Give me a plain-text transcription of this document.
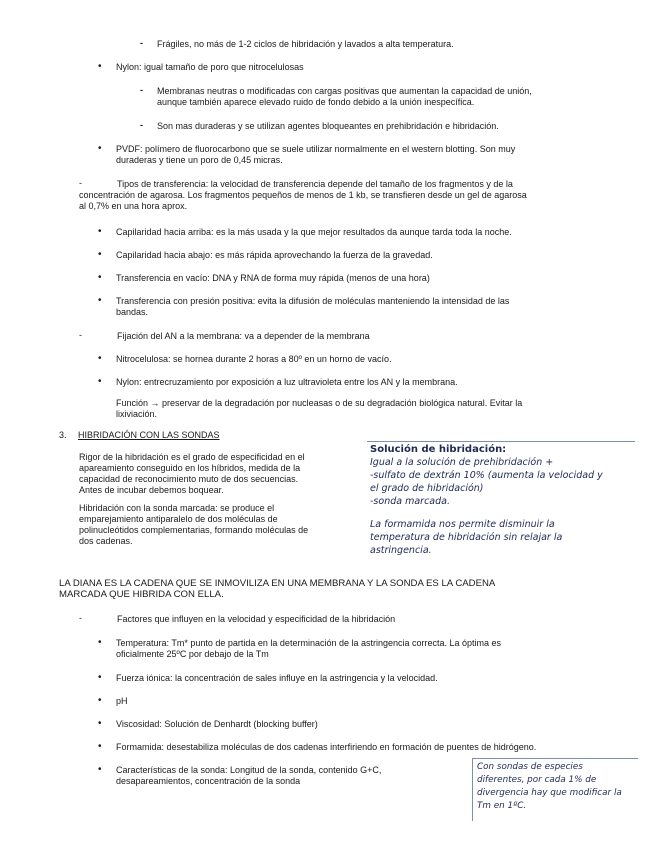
- Frágiles, no más de 1-2 ciclos de hibridación y lavados a alta temperatura.
• Nylon: igual tamaño de poro que nitrocelulosas
- Membranas neutras o modificadas con cargas positivas que aumentan la capacidad de unión,
aunque también aparece elevado ruido de fondo debido a la unión inespecífica.
- Son mas duraderas y se utilizan agentes bloqueantes en prehibridación e hibridación.
• PVDF: polímero de fluorocarbono que se suele utilizar normalmente en el western blotting. Son muy
duraderas y tiene un poro de 0,45 micras.
-	Tipos de transferencia: la velocidad de transferencia depende del tamaño de los fragmentos y de la
concentración de agarosa. Los fragmentos pequeños de menos de 1 kb, se transfieren desde un gel de agarosa
al 0,7% en una hora aprox.
• Capilaridad hacia arriba: es la más usada y la que mejor resultados da aunque tarda toda la noche.
• Capilaridad hacia abajo: es más rápida aprovechando la fuerza de la gravedad.
• Transferencia en vacío: DNA y RNA de forma muy rápida (menos de una hora)
• Transferencia con presión positiva: evita la difusión de moléculas manteniendo la intensidad de las
bandas.
-	Fijación del AN a la membrana: va a depender de la membrana
• Nitrocelulosa: se hornea durante 2 horas a 80º en un horno de vacío.
• Nylon: entrecruzamiento por exposición a luz ultravioleta entre los AN y la membrana.
Función → preservar de la degradación por nucleasas o de su degradación biológica natural. Evitar la
lixiviación.
3. HIBRIDACIÓN CON LAS SONDAS
Rigor de la hibridación es el grado de especificidad en el
apareamiento conseguido en los híbridos, medida de la
capacidad de reconocimiento muto de dos secuencias.
Antes de incubar debemos boquear.
Hibridación con la sonda marcada: se produce el
emparejamiento antiparalelo de dos moléculas de
polinucleótidos complementarias, formando moléculas de
dos cadenas.
Solución de hibridación:
Igual a la solución de prehibridación +
-sulfato de dextrán 10% (aumenta la velocidad y
el grado de hibridación)
-sonda marcada.
La formamida nos permite disminuir la
temperatura de hibridación sin relajar la
astringencia.
LA DIANA ES LA CADENA QUE SE INMOVILIZA EN UNA MEMBRANA Y LA SONDA ES LA CADENA
MARCADA QUE HIBRIDA CON ELLA.
-	Factores que influyen en la velocidad y especificidad de la hibridación
• Temperatura: Tm* punto de partida en la determinación de la astringencia correcta. La óptima es
oficialmente 25ºC por debajo de la Tm
• Fuerza iónica: la concentración de sales influye en la astringencia y la velocidad.
• pH
• Viscosidad: Solución de Denhardt (blocking buffer)
• Formamida: desestabiliza moléculas de dos cadenas interfiriendo en formación de puentes de hidrógeno.
• Características de la sonda: Longitud de la sonda, contenido G+C,
desapareamientos, concentración de la sonda
Con sondas de especies
diferentes, por cada 1% de
divergencia hay que modificar la
Tm en 1ºC.
